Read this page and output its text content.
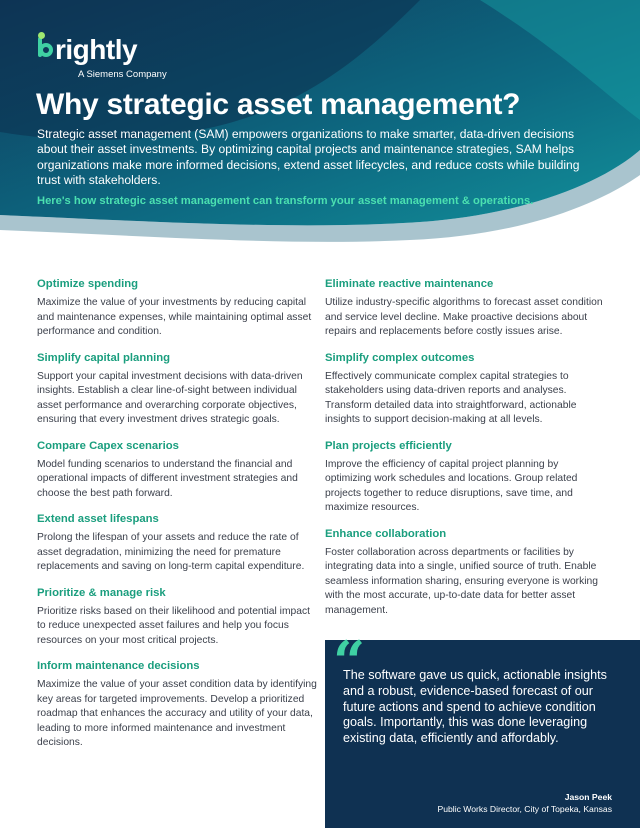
rightly
A Siemens Company
Why strategic asset management?

Strategic asset management (SAM) empowers organizations to make smarter, data-driven decisions about their asset investments. By optimizing capital projects and maintenance strategies, SAM helps organizations make more informed decisions, extend asset lifecycles, and reduce costs while building trust with stakeholders.

Here's how strategic asset management can transform your asset management & operations.

Optimize spending

Maximize the value of your investments by reducing capital and maintenance expenses, while maintaining optimal asset performance and condition.

Simplify capital planning

Support your capital investment decisions with data-driven insights. Establish a clear line-of-sight between individual asset performance and overarching corporate objectives, ensuring that every investment drives strategic goals.

Compare Capex scenarios

Model funding scenarios to understand the financial and operational impacts of different investment strategies and choose the best path forward.

Extend asset lifespans

Prolong the lifespan of your assets and reduce the rate of asset degradation, minimizing the need for premature replacements and saving on long-term capital expenditure.

Prioritize & manage risk

Prioritize risks based on their likelihood and potential impact to reduce unexpected asset failures and help you focus resources on your most critical projects.

Inform maintenance decisions

Maximize the value of your asset condition data by identifying key areas for targeted improvements. Develop a prioritized roadmap that enhances the accuracy and utility of your data, leading to more informed maintenance and investment decisions.

Eliminate reactive maintenance

Utilize industry-specific algorithms to forecast asset condition and service level decline. Make proactive decisions about repairs and replacements before costly issues arise.

Simplify complex outcomes

Effectively communicate complex capital strategies to stakeholders using data-driven reports and analyses. Transform detailed data into straightforward, actionable insights to support decision-making at all levels.

Plan projects efficiently

Improve the efficiency of capital project planning by optimizing work schedules and locations. Group related projects together to reduce disruptions, save time, and maximize resources.

Enhance collaboration

Foster collaboration across departments or facilities by integrating data into a single, unified source of truth. Enable seamless information sharing, ensuring everyone is working with the most accurate, up-to-date data for better asset management.

“

The software gave us quick, actionable insights and a robust, evidence-based forecast of our future actions and spend to achieve condition goals. Importantly, this was done leveraging existing data, efficiently and affordably.

Jason Peek
Public Works Director, City of Topeka, Kansas
